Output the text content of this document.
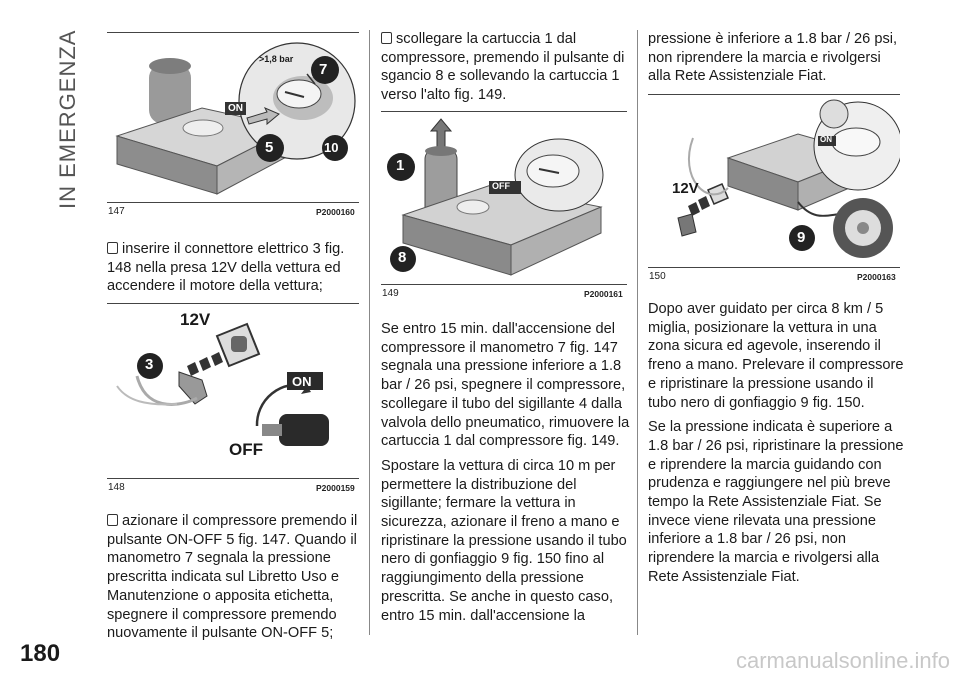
IN EMERGENZA	>1,8 bar
ON
7
5	10
147	P2000160

inserire il connettore elettrico 3 fig. 148 nella presa 12V della vettura ed accendere il motore della vettura;

12V
3
ON
OFF
148	P2000159

azionare il compressore premendo il pulsante ON-OFF 5 fig. 147. Quando il manometro 7 segnala la pressione prescritta indicata sul Libretto Uso e Manutenzione o apposita etichetta, spegnere il compressore premendo nuovamente il pulsante ON-OFF 5;

scollegare la cartuccia 1 dal compressore, premendo il pulsante di sgancio 8 e sollevando la cartuccia 1 verso l'alto fig. 149.

1
8
OFF
149	P2000161

Se entro 15 min. dall'accensione del compressore il manometro 7 fig. 147 segnala una pressione inferiore a 1.8 bar / 26 psi, spegnere il compressore, scollegare il tubo del sigillante 4 dalla valvola dello pneumatico, rimuovere la cartuccia 1 dal compressore fig. 149.

Spostare la vettura di circa 10 m per permettere la distribuzione del sigillante; fermare la vettura in sicurezza, azionare il freno a mano e ripristinare la pressione usando il tubo nero di gonfiaggio 9 fig. 150 fino al raggiungimento della pressione prescritta. Se anche in questo caso, entro 15 min. dall'accensione la

pressione è inferiore a 1.8 bar / 26 psi, non riprendere la marcia e rivolgersi alla Rete Assistenziale Fiat.

12V
ON
9
150	P2000163

Dopo aver guidato per circa 8 km / 5 miglia, posizionare la vettura in una zona sicura ed agevole, inserendo il freno a mano. Prelevare il compressore e ripristinare la pressione usando il tubo nero di gonfiaggio 9 fig. 150.

Se la pressione indicata è superiore a 1.8 bar / 26 psi, ripristinare la pressione e riprendere la marcia guidando con prudenza e raggiungere nel più breve tempo la Rete Assistenziale Fiat. Se invece viene rilevata una pressione inferiore a 1.8 bar / 26 psi, non riprendere la marcia e rivolgersi alla Rete Assistenziale Fiat.

180	carmanualsonline.info
